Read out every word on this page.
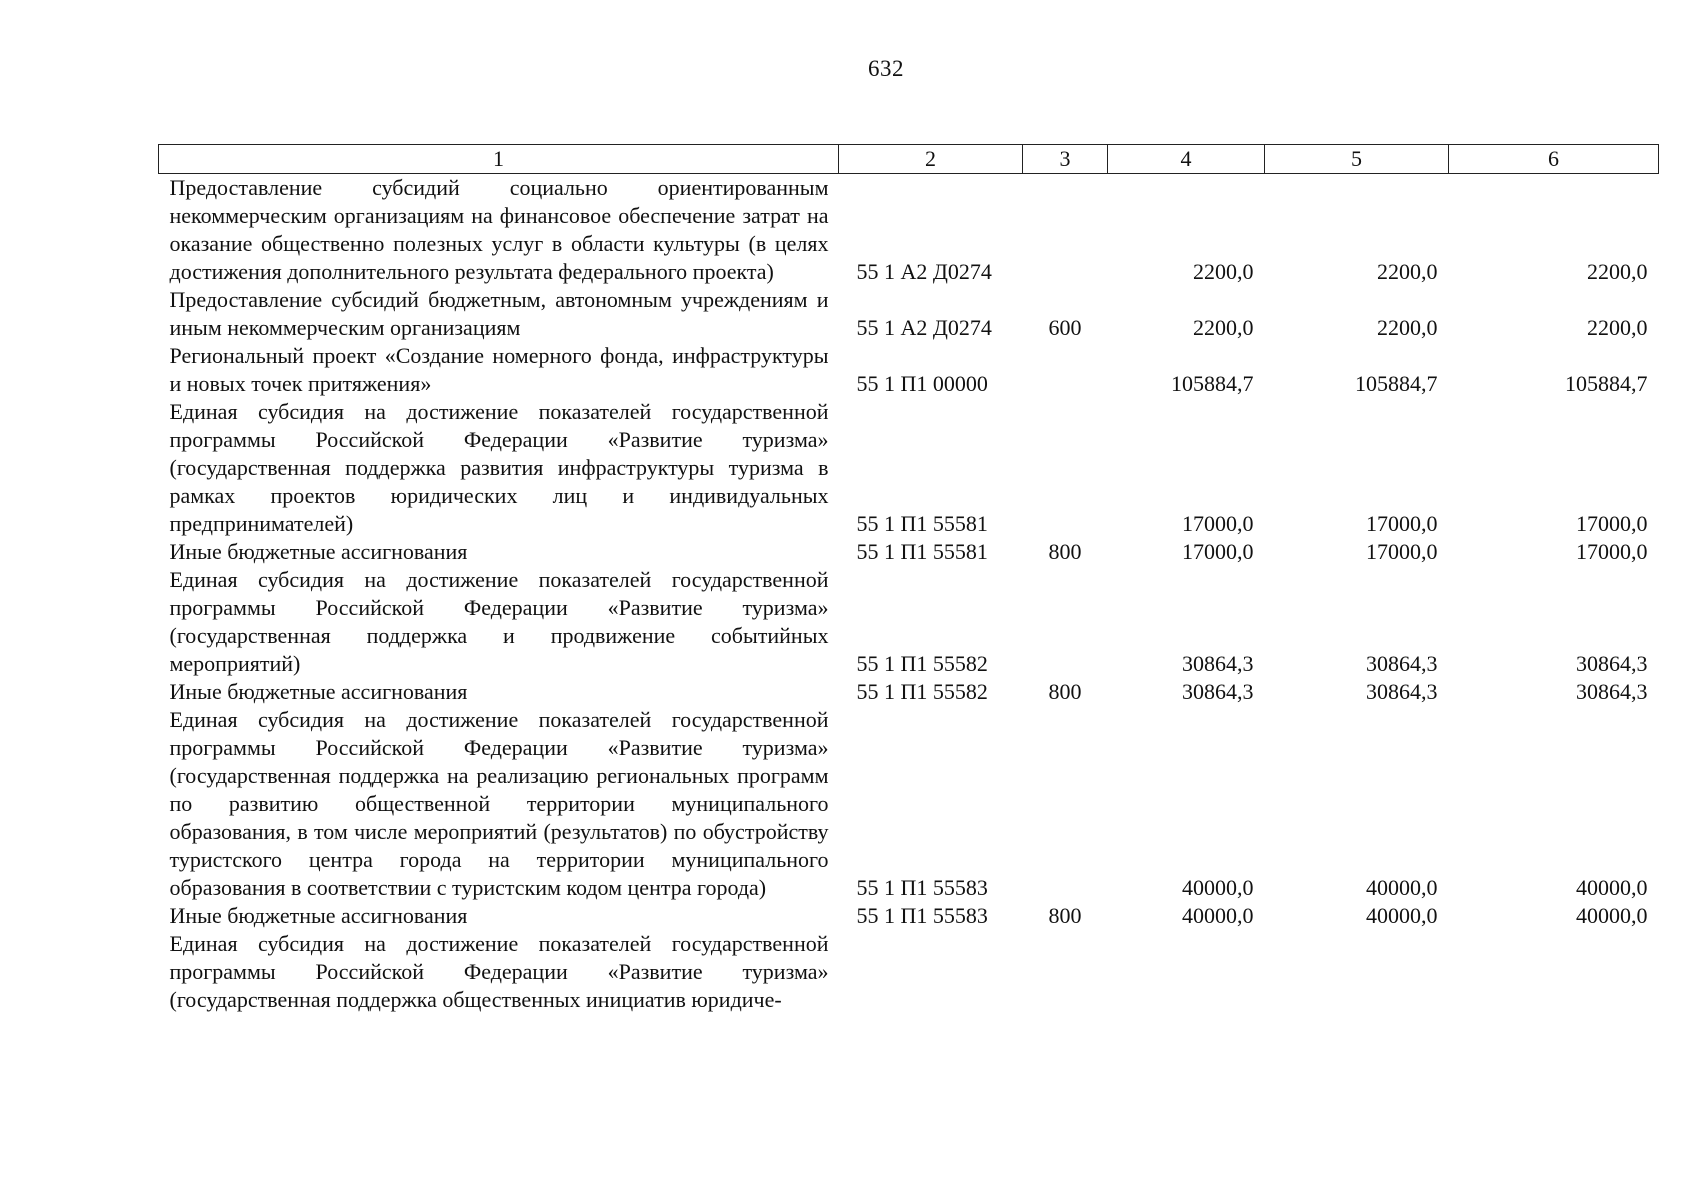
632
1	2	3	4	5	6
Предоставление субсидий социально ориентированным некоммерческим организациям на финансовое обеспечение затрат на оказание общественно полезных услуг в области культуры (в целях достижения дополнительного результата федерального проекта)	55 1 А2 Д0274		2200,0	2200,0	2200,0
Предоставление субсидий бюджетным, автономным учреждениям и иным некоммерческим организациям	55 1 А2 Д0274	600	2200,0	2200,0	2200,0
Региональный проект «Создание номерного фонда, инфраструктуры и новых точек притяжения»	55 1 П1 00000		105884,7	105884,7	105884,7
Единая субсидия на достижение показателей государственной программы Российской Федерации «Развитие туризма» (государственная поддержка развития инфраструктуры туризма в рамках проектов юридических лиц и индивидуальных предпринимателей)	55 1 П1 55581		17000,0	17000,0	17000,0
Иные бюджетные ассигнования	55 1 П1 55581	800	17000,0	17000,0	17000,0
Единая субсидия на достижение показателей государственной программы Российской Федерации «Развитие туризма» (государственная поддержка и продвижение событийных мероприятий)	55 1 П1 55582		30864,3	30864,3	30864,3
Иные бюджетные ассигнования	55 1 П1 55582	800	30864,3	30864,3	30864,3
Единая субсидия на достижение показателей государственной программы Российской Федерации «Развитие туризма» (государственная поддержка на реализацию региональных программ по развитию общественной территории муниципального образования, в том числе мероприятий (результатов) по обустройству туристского центра города на территории муниципального образования в соответствии с туристским кодом центра города)	55 1 П1 55583		40000,0	40000,0	40000,0
Иные бюджетные ассигнования	55 1 П1 55583	800	40000,0	40000,0	40000,0
Единая субсидия на достижение показателей государственной программы Российской Федерации «Развитие туризма» (государственная поддержка общественных инициатив юридиче-					
